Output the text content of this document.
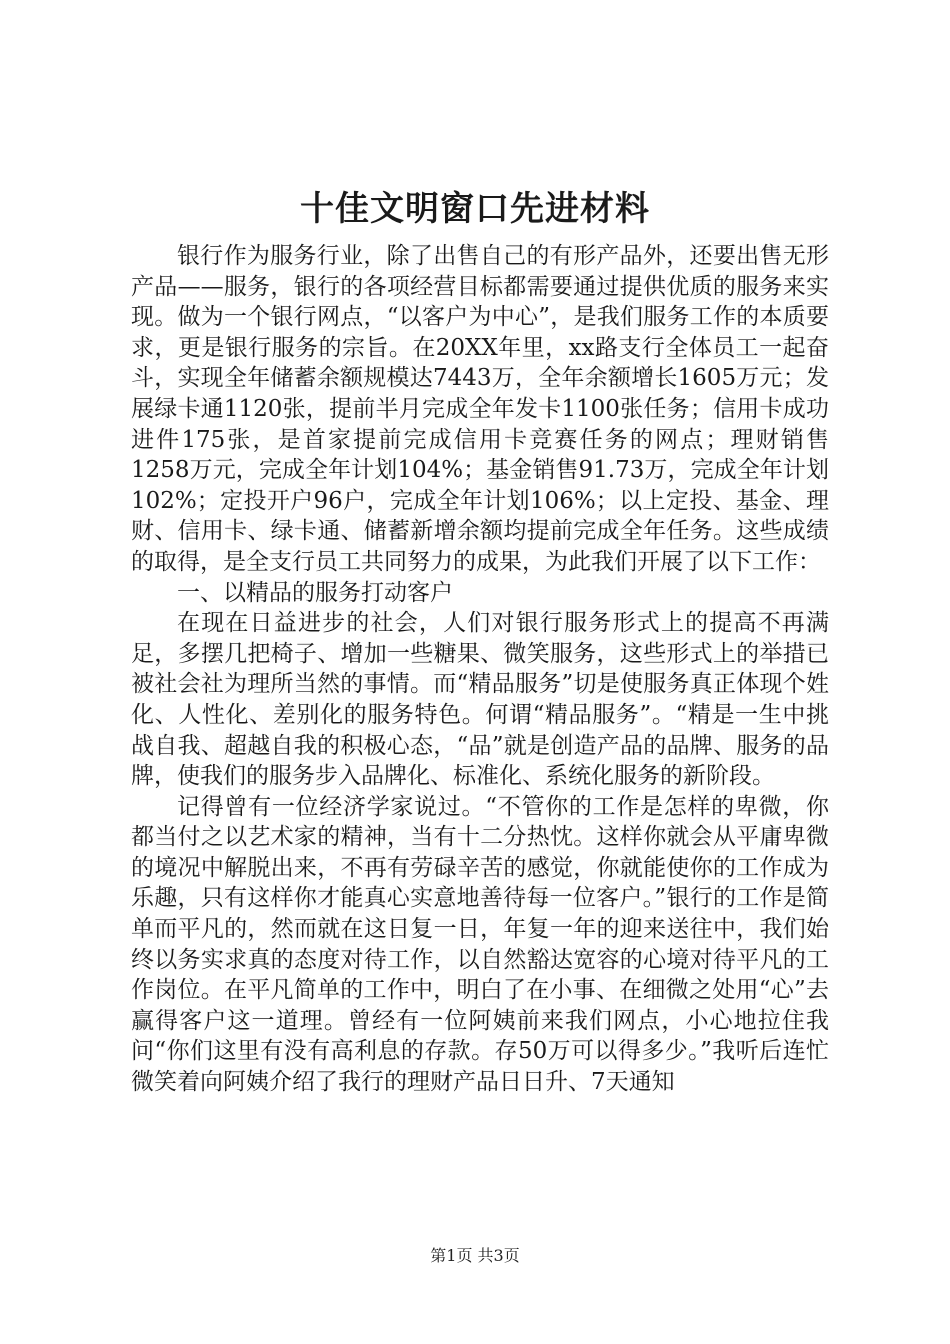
十佳文明窗口先进材料

银行作为服务行业，除了出售自己的有形产品外，还要出售无形产品——服务，银行的各项经营目标都需要通过提供优质的服务来实现。做为一个银行网点，“以客户为中心”，是我们服务工作的本质要求，更是银行服务的宗旨。在20XX年里，xx路支行全体员工一起奋斗，实现全年储蓄余额规模达7443万，全年余额增长1605万元；发展绿卡通1120张，提前半月完成全年发卡1100张任务；信用卡成功进件175张，是首家提前完成信用卡竞赛任务的网点；理财销售1258万元，完成全年计划104%；基金销售91.73万，完成全年计划102%；定投开户96户，完成全年计划106%；以上定投、基金、理财、信用卡、绿卡通、储蓄新增余额均提前完成全年任务。这些成绩的取得，是全支行员工共同努力的成果，为此我们开展了以下工作：

一、以精品的服务打动客户

在现在日益进步的社会，人们对银行服务形式上的提高不再满足，多摆几把椅子、增加一些糖果、微笑服务，这些形式上的举措已被社会社为理所当然的事情。而“精品服务”切是使服务真正体现个姓化、人性化、差别化的服务特色。何谓“精品服务”。“精是一生中挑战自我、超越自我的积极心态，“品”就是创造产品的品牌、服务的品牌，使我们的服务步入品牌化、标准化、系统化服务的新阶段。

记得曾有一位经济学家说过。“不管你的工作是怎样的卑微，你都当付之以艺术家的精神，当有十二分热忱。这样你就会从平庸卑微的境况中解脱出来，不再有劳碌辛苦的感觉，你就能使你的工作成为乐趣，只有这样你才能真心实意地善待每一位客户。”银行的工作是简单而平凡的，然而就在这日复一日，年复一年的迎来送往中，我们始终以务实求真的态度对待工作，以自然豁达宽容的心境对待平凡的工作岗位。在平凡简单的工作中，明白了在小事、在细微之处用“心”去赢得客户这一道理。曾经有一位阿姨前来我们网点，小心地拉住我问“你们这里有没有高利息的存款。存50万可以得多少。”我听后连忙微笑着向阿姨介绍了我行的理财产品日日升、7天通知

第1页 共3页
